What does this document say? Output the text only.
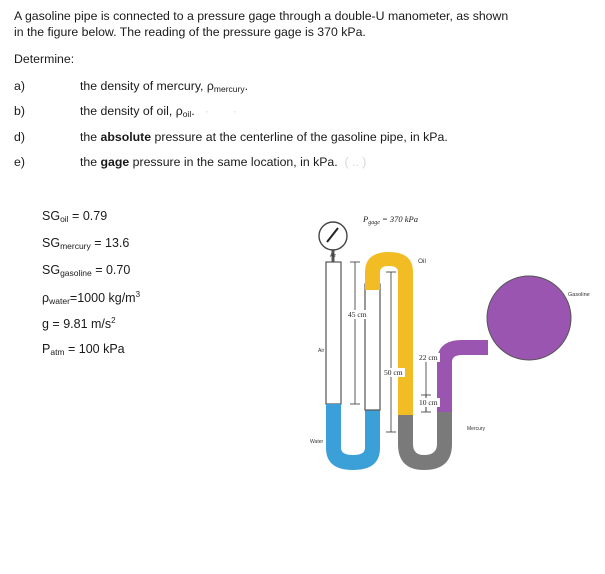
A gasoline pipe is connected to a pressure gage through a double-U manometer, as shown
in the figure below. The reading of the pressure gage is 370 kPa.
Determine:
a)	the density of mercury, $\rho_{mercury}$.
b)	the density of oil, $\rho_{oil}$.   ·       ·
d)	the absolute pressure at the centerline of the gasoline pipe, in kPa.
e)	the gage pressure in the same location, in kPa.  ( .. )
$SG_{oil} = 0.79$
$SG_{mercury} = 13.6$
$SG_{gasoline} = 0.70$
$\rho_{water}=1000$ $kg/m^3$
g = 9.81 $m/s^2$
$P_{atm} = 100$ kPa
Air
$P_{gage} = 370$ kPa
Gasoline
Oil
Air
Water
Mercury
45 cm
50 cm
22 cm
10 cm
